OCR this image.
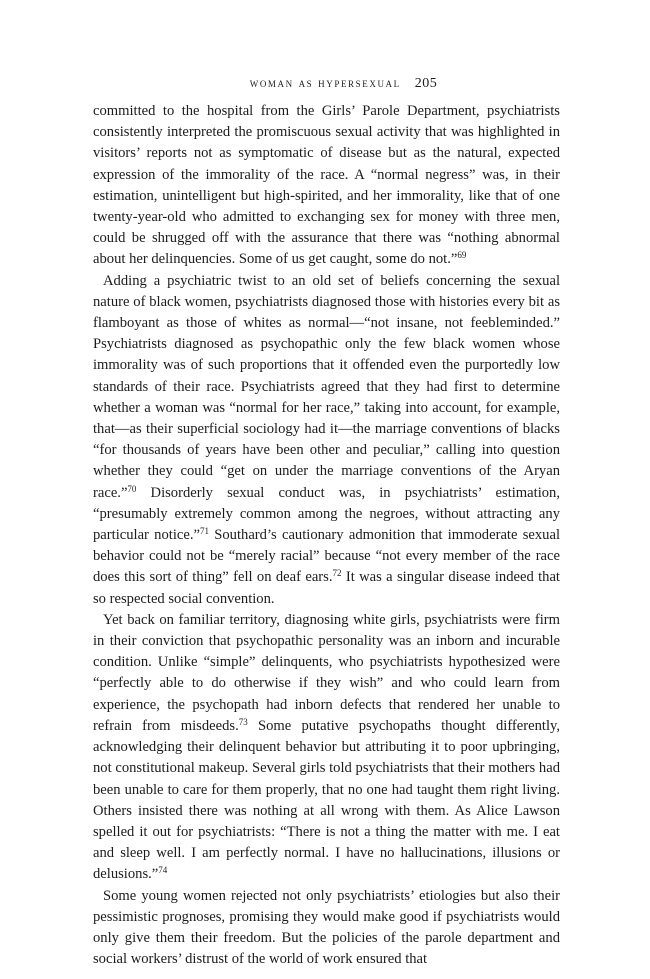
woman as hypersexual 205

committed to the hospital from the Girls’ Parole Department, psychiatrists consistently interpreted the promiscuous sexual activity that was highlighted in visitors’ reports not as symptomatic of disease but as the natural, expected expression of the immorality of the race. A “normal negress” was, in their estimation, unintelligent but high-spirited, and her immorality, like that of one twenty-year-old who admitted to exchanging sex for money with three men, could be shrugged off with the assurance that there was “nothing abnormal about her delinquencies. Some of us get caught, some do not.”$^{69}$

Adding a psychiatric twist to an old set of beliefs concerning the sexual nature of black women, psychiatrists diagnosed those with histories every bit as flamboyant as those of whites as normal—“not insane, not feebleminded.” Psychiatrists diagnosed as psychopathic only the few black women whose immorality was of such proportions that it offended even the purportedly low standards of their race. Psychiatrists agreed that they had first to determine whether a woman was “normal for her race,” taking into account, for example, that—as their superficial sociology had it—the marriage conventions of blacks “for thousands of years have been other and peculiar,” calling into question whether they could “get on under the marriage conventions of the Aryan race.”$^{70}$ Disorderly sexual conduct was, in psychiatrists’ estimation, “presumably extremely common among the negroes, without attracting any particular notice.”$^{71}$ Southard’s cautionary admonition that immoderate sexual behavior could not be “merely racial” because “not every member of the race does this sort of thing” fell on deaf ears.$^{72}$ It was a singular disease indeed that so respected social convention.

Yet back on familiar territory, diagnosing white girls, psychiatrists were firm in their conviction that psychopathic personality was an inborn and incurable condition. Unlike “simple” delinquents, who psychiatrists hypothesized were “perfectly able to do otherwise if they wish” and who could learn from experience, the psychopath had inborn defects that rendered her unable to refrain from misdeeds.$^{73}$ Some putative psychopaths thought differently, acknowledging their delinquent behavior but attributing it to poor upbringing, not constitutional makeup. Several girls told psychiatrists that their mothers had been unable to care for them properly, that no one had taught them right living. Others insisted there was nothing at all wrong with them. As Alice Lawson spelled it out for psychiatrists: “There is not a thing the matter with me. I eat and sleep well. I am perfectly normal. I have no hallucinations, illusions or delusions.”$^{74}$

Some young women rejected not only psychiatrists’ etiologies but also their pessimistic prognoses, promising they would make good if psychiatrists would only give them their freedom. But the policies of the parole department and social workers’ distrust of the world of work ensured that
